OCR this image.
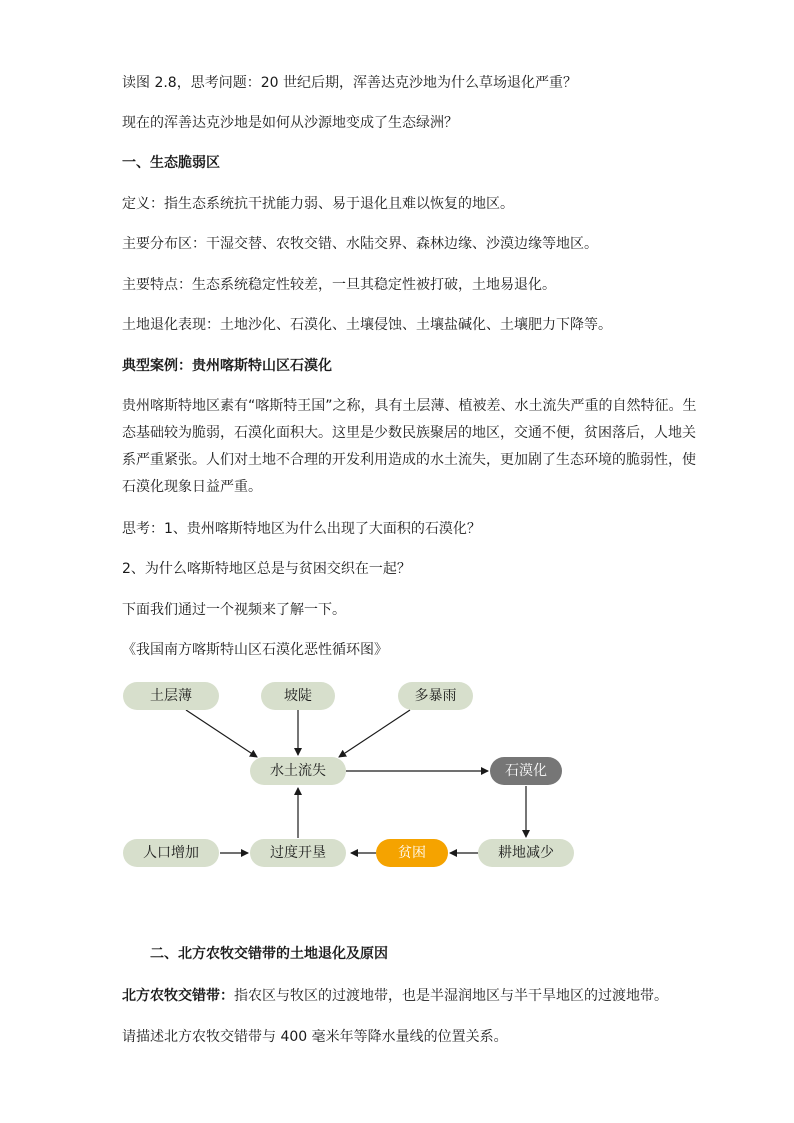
读图 2.8，思考问题：20 世纪后期，浑善达克沙地为什么草场退化严重？
现在的浑善达克沙地是如何从沙源地变成了生态绿洲？
一、生态脆弱区
定义：指生态系统抗干扰能力弱、易于退化且难以恢复的地区。
主要分布区：干湿交替、农牧交错、水陆交界、森林边缘、沙漠边缘等地区。
主要特点：生态系统稳定性较差，一旦其稳定性被打破，土地易退化。
土地退化表现：土地沙化、石漠化、土壤侵蚀、土壤盐碱化、土壤肥力下降等。
典型案例：贵州喀斯特山区石漠化
贵州喀斯特地区素有“喀斯特王国”之称，具有土层薄、植被差、水土流失严重的自然特征。生态基础较为脆弱，石漠化面积大。这里是少数民族聚居的地区，交通不便，贫困落后，人地关系严重紧张。人们对土地不合理的开发利用造成的水土流失，更加剧了生态环境的脆弱性，使石漠化现象日益严重。
思考：1、贵州喀斯特地区为什么出现了大面积的石漠化？
2、为什么喀斯特地区总是与贫困交织在一起？
下面我们通过一个视频来了解一下。
《我国南方喀斯特山区石漠化恶性循环图》
土层薄	坡陡	多暴雨
水土流失	石漠化
人口增加	过度开垦	贫困	耕地减少
二、北方农牧交错带的土地退化及原因
北方农牧交错带：指农区与牧区的过渡地带，也是半湿润地区与半干旱地区的过渡地带。
请描述北方农牧交错带与 400 毫米年等降水量线的位置关系。
